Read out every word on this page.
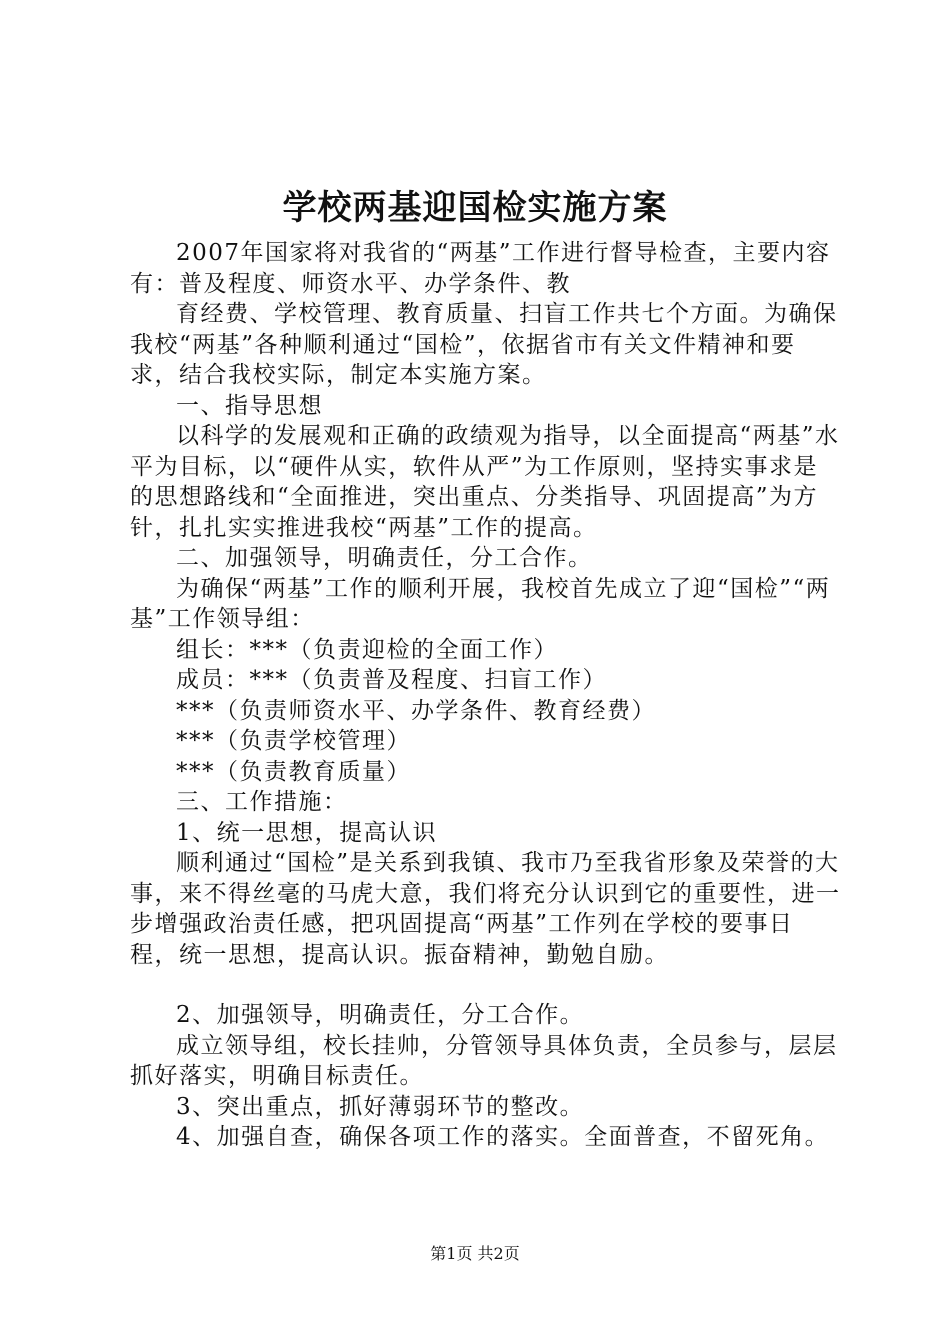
学校两基迎国检实施方案

2007年国家将对我省的“两基”工作进行督导检查，主要内容有：普及程度、师资水平、办学条件、教

育经费、学校管理、教育质量、扫盲工作共七个方面。为确保我校“两基”各种顺利通过“国检”，依据省市有关文件精神和要求，结合我校实际，制定本实施方案。

一、指导思想

以科学的发展观和正确的政绩观为指导，以全面提高“两基”水平为目标，以“硬件从实，软件从严”为工作原则，坚持实事求是的思想路线和“全面推进，突出重点、分类指导、巩固提高”为方针，扎扎实实推进我校“两基”工作的提高。

二、加强领导，明确责任，分工合作。

为确保“两基”工作的顺利开展，我校首先成立了迎“国检”“两基”工作领导组：

组长：***（负责迎检的全面工作）

成员：***（负责普及程度、扫盲工作）

***（负责师资水平、办学条件、教育经费）

***（负责学校管理）

***（负责教育质量）

三、工作措施：

1、统一思想，提高认识

顺利通过“国检”是关系到我镇、我市乃至我省形象及荣誉的大事，来不得丝毫的马虎大意，我们将充分认识到它的重要性，进一步增强政治责任感，把巩固提高“两基”工作列在学校的要事日程，统一思想，提高认识。振奋精神，勤勉自励。

2、加强领导，明确责任，分工合作。

成立领导组，校长挂帅，分管领导具体负责，全员参与，层层抓好落实，明确目标责任。

3、突出重点，抓好薄弱环节的整改。

4、加强自查，确保各项工作的落实。全面普查，不留死角。

第1页 共2页
